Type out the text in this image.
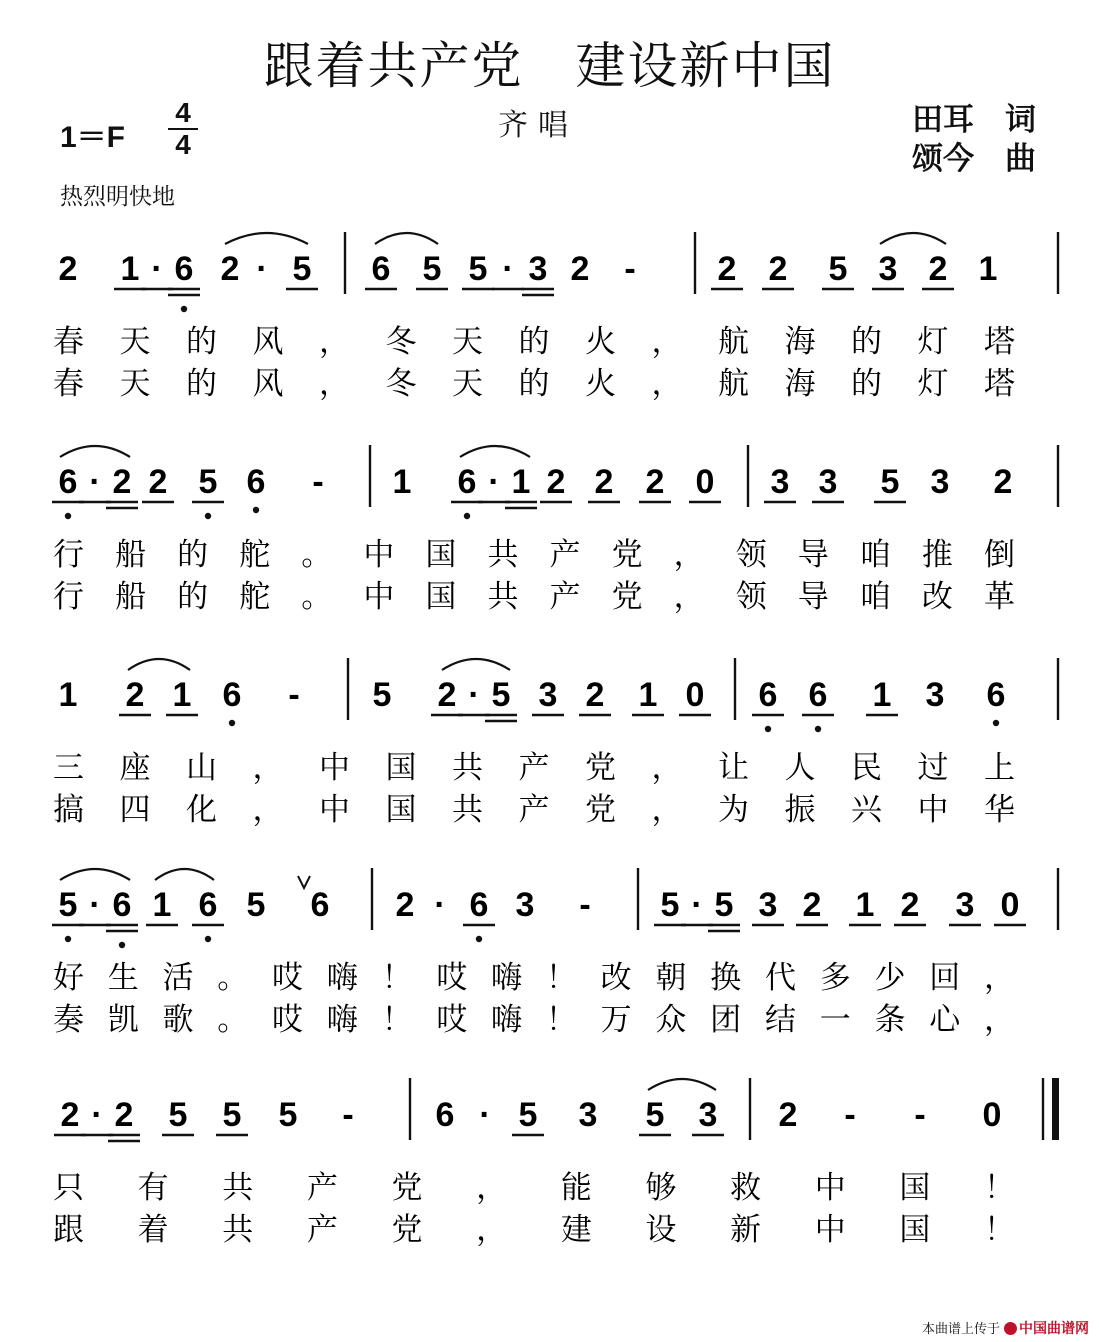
跟着共产党　建设新中国
1＝F
4
4
齐唱	田耳　词
颂今　曲
热烈明快地
2 1 · 6 2 · 5 6 5 5 · 3 2 - 2 2 5 3 2 1
春天的风，冬天的火，航海的灯塔
春天的风，冬天的火，航海的灯塔
6 · 2 2 5 6 - 1 6 · 1 2 2 2 0 3 3 5 3 2
行船的舵。中国共产党，领导咱推倒
行船的舵。中国共产党，领导咱改革
1 2 1 6 - 5 2 · 5 3 2 1 0 6 6 1 3 6
三座山，中国共产党，让人民过上
搞四化，中国共产党，为振兴中华
5 · 6 1 6 5 6 2 · 6 3 - 5 · 5 3 2 1 2 3 0
好生活。哎嗨！哎嗨！改朝换代多少回，
奏凯歌。哎嗨！哎嗨！万众团结一条心，
2 · 2 5 5 5 - 6 · 5 3 5 3 2 - - 0
只有共产党，能够救中国！
跟着共产党，建设新中国！
本曲谱上传于 中国曲谱网
